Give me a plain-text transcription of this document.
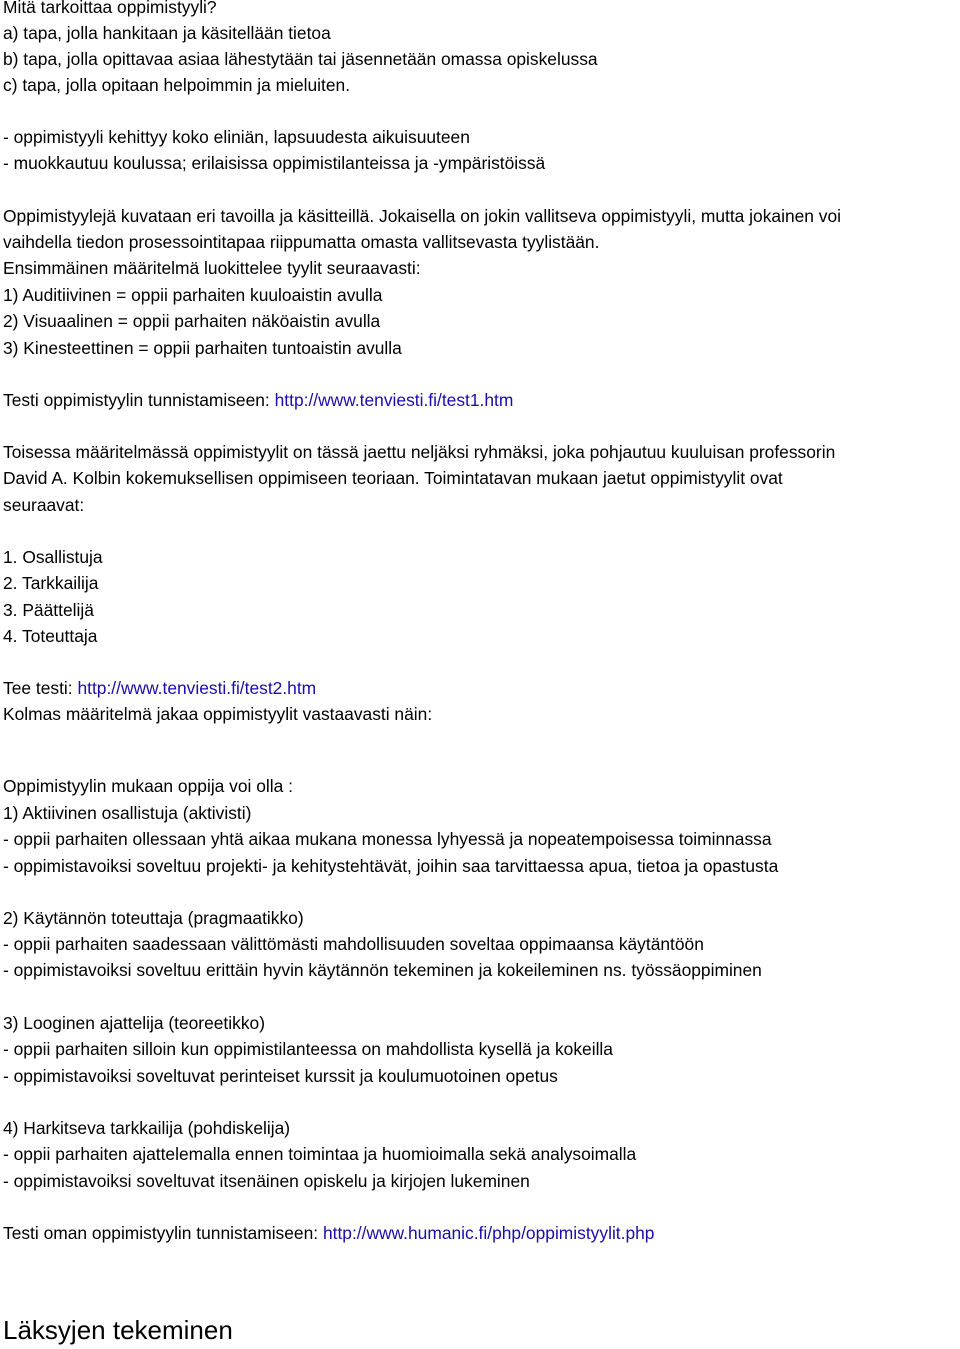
Mitä tarkoittaa oppimistyyli?

a) tapa, jolla hankitaan ja käsitellään tietoa

b) tapa, jolla opittavaa asiaa lähestytään tai jäsennetään omassa opiskelussa

c) tapa, jolla opitaan helpoimmin ja mieluiten.

- oppimistyyli kehittyy koko eliniän, lapsuudesta aikuisuuteen

- muokkautuu koulussa; erilaisissa oppimistilanteissa ja -ympäristöissä

Oppimistyylejä kuvataan eri tavoilla ja käsitteillä. Jokaisella on jokin vallitseva oppimistyyli, mutta jokainen voi

vaihdella tiedon prosessointitapaa riippumatta omasta vallitsevasta tyylistään.

Ensimmäinen määritelmä luokittelee tyylit seuraavasti:

1) Auditiivinen = oppii parhaiten kuuloaistin avulla

2) Visuaalinen = oppii parhaiten näköaistin avulla

3) Kinesteettinen = oppii parhaiten tuntoaistin avulla

Testi oppimistyylin tunnistamiseen: http://www.tenviesti.fi/test1.htm

Toisessa määritelmässä oppimistyylit on tässä jaettu neljäksi ryhmäksi, joka pohjautuu kuuluisan professorin

David A. Kolbin kokemuksellisen oppimiseen teoriaan. Toimintatavan mukaan jaetut oppimistyylit ovat

seuraavat:

1. Osallistuja

2. Tarkkailija

3. Päättelijä

4. Toteuttaja

Tee testi: http://www.tenviesti.fi/test2.htm

Kolmas määritelmä jakaa oppimistyylit vastaavasti näin:

Oppimistyylin mukaan oppija voi olla :

1) Aktiivinen osallistuja (aktivisti)

- oppii parhaiten ollessaan yhtä aikaa mukana monessa lyhyessä ja nopeatempoisessa toiminnassa

- oppimistavoiksi soveltuu projekti- ja kehitystehtävät, joihin saa tarvittaessa apua, tietoa ja opastusta

2) Käytännön toteuttaja (pragmaatikko)

- oppii parhaiten saadessaan välittömästi mahdollisuuden soveltaa oppimaansa käytäntöön

- oppimistavoiksi soveltuu erittäin hyvin käytännön tekeminen ja kokeileminen ns. työssäoppiminen

3) Looginen ajattelija (teoreetikko)

- oppii parhaiten silloin kun oppimistilanteessa on mahdollista kysellä ja kokeilla

- oppimistavoiksi soveltuvat perinteiset kurssit ja koulumuotoinen opetus

4) Harkitseva tarkkailija (pohdiskelija)

- oppii parhaiten ajattelemalla ennen toimintaa ja huomioimalla sekä analysoimalla

- oppimistavoiksi soveltuvat itsenäinen opiskelu ja kirjojen lukeminen

Testi oman oppimistyylin tunnistamiseen: http://www.humanic.fi/php/oppimistyylit.php

Läksyjen tekeminen
